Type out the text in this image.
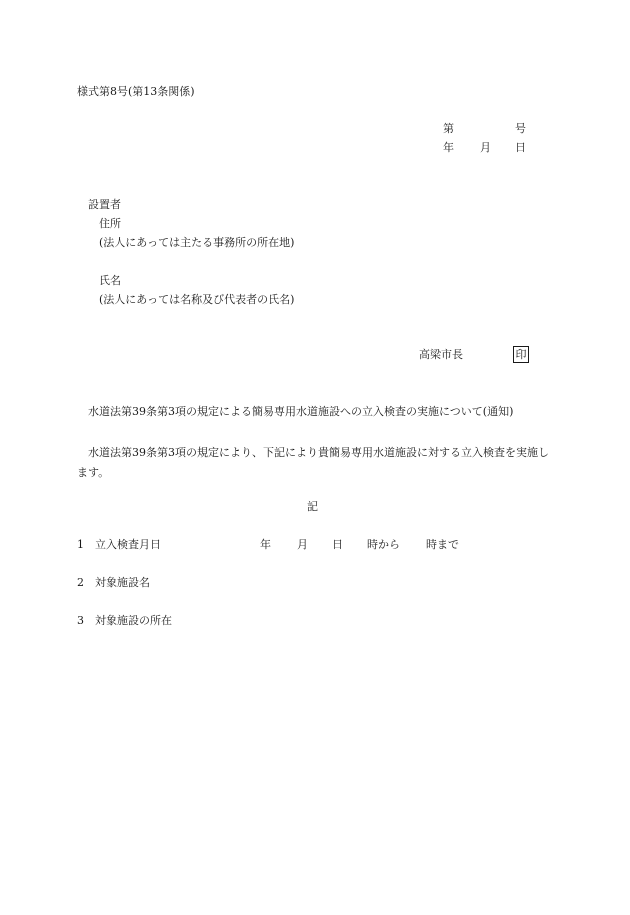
様式第8号(第13条関係)
第	号
年 月 日
設置者
住所
(法人にあっては主たる事務所の所在地)
氏名
(法人にあっては名称及び代表者の氏名)
高梁市長	印
水道法第39条第3項の規定による簡易専用水道施設への立入検査の実施について(通知)
水道法第39条第3項の規定により、下記により貴簡易専用水道施設に対する立入検査を実施します。
記
1 立入検査月日	年 月 日 時から 時まで
2 対象施設名
3 対象施設の所在
